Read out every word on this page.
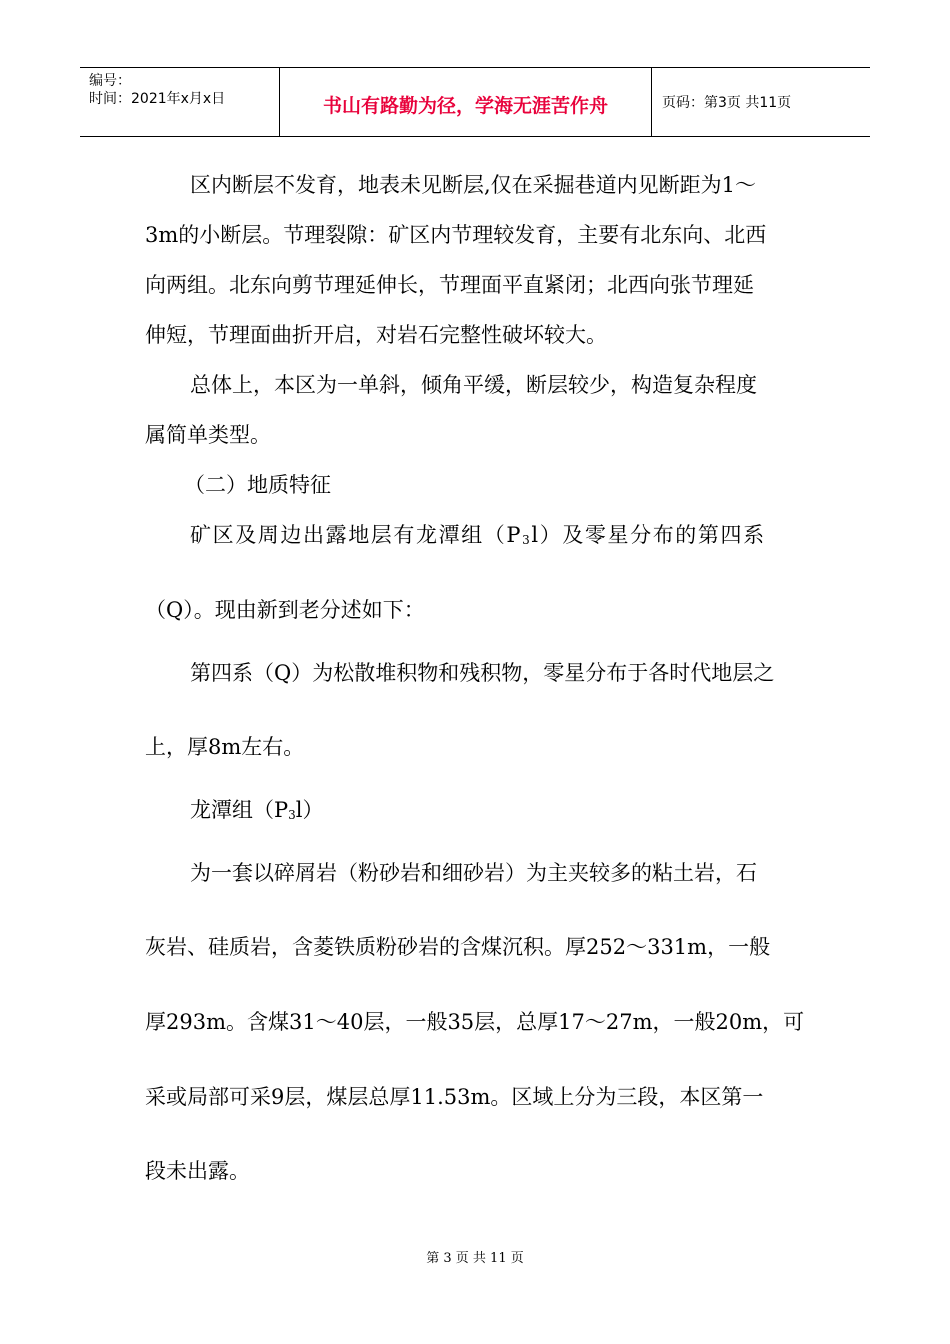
编号：
时间：2021年x月x日	书山有路勤为径，学海无涯苦作舟	页码：第3页 共11页
区内断层不发育，地表未见断层,仅在采掘巷道内见断距为1～
3m的小断层。节理裂隙：矿区内节理较发育，主要有北东向、北西
向两组。北东向剪节理延伸长，节理面平直紧闭；北西向张节理延
伸短，节理面曲折开启，对岩石完整性破坏较大。
总体上，本区为一单斜，倾角平缓，断层较少，构造复杂程度
属简单类型。
（二）地质特征
矿区及周边出露地层有龙潭组$(P_3l)$及零星分布的第四系
（Q）。现由新到老分述如下：
第四系（Q）为松散堆积物和残积物，零星分布于各时代地层之
上，厚8m左右。
龙潭组$(P_3l)$
为一套以碎屑岩（粉砂岩和细砂岩）为主夹较多的粘土岩，石
灰岩、硅质岩，含菱铁质粉砂岩的含煤沉积。厚252～331m，一般
厚293m。含煤31～40层，一般35层，总厚17～27m，一般20m，可
采或局部可采9层，煤层总厚11.53m。区域上分为三段，本区第一
段未出露。
第 3 页 共 11 页
